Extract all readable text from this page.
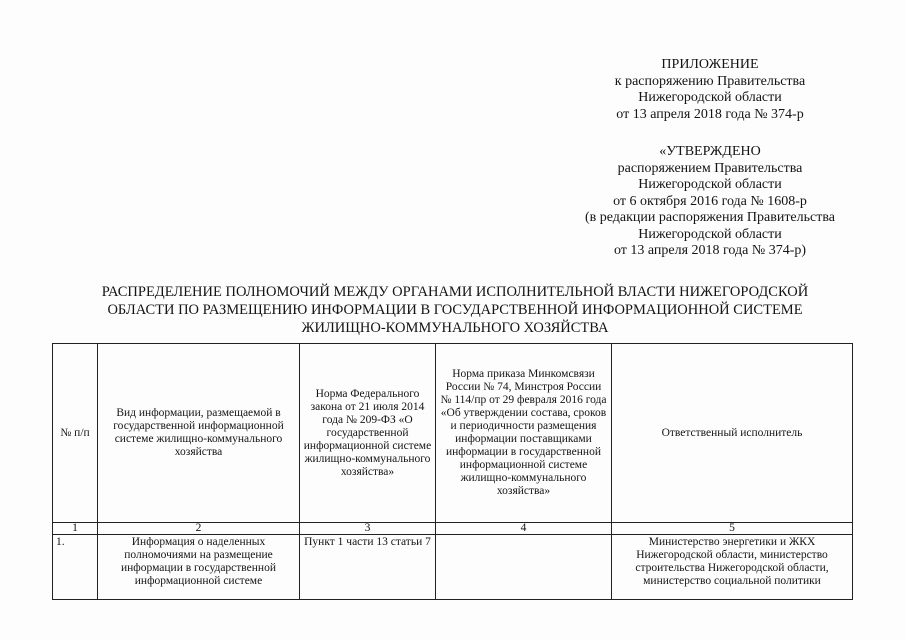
ПРИЛОЖЕНИЕ
к распоряжению Правительства
Нижегородской области
от 13 апреля 2018 года № 374-р
«УТВЕРЖДЕНО
распоряжением Правительства
Нижегородской области
от 6 октября 2016 года № 1608-р
(в редакции распоряжения Правительства
Нижегородской области
от 13 апреля 2018 года № 374-р)
РАСПРЕДЕЛЕНИЕ ПОЛНОМОЧИЙ МЕЖДУ ОРГАНАМИ ИСПОЛНИТЕЛЬНОЙ ВЛАСТИ НИЖЕГОРОДСКОЙ
ОБЛАСТИ ПО РАЗМЕЩЕНИЮ ИНФОРМАЦИИ В ГОСУДАРСТВЕННОЙ ИНФОРМАЦИОННОЙ СИСТЕМЕ
ЖИЛИЩНО-КОММУНАЛЬНОГО ХОЗЯЙСТВА
№ п/п	Вид информации, размещаемой в государственной информационной системе жилищно-коммунального хозяйства	Норма Федерального закона от 21 июля 2014 года № 209-ФЗ «О государственной информационной системе жилищно-коммунального хозяйства»	Норма приказа Минкомсвязи России № 74, Минстроя России № 114/пр от 29 февраля 2016 года «Об утверждении состава, сроков и периодичности размещения информации поставщиками информации в государственной информационной системе жилищно-коммунального хозяйства»	Ответственный исполнитель
1	2	3	4	5
1.	Информация о наделенных полномочиями на размещение информации в государственной информационной системе	Пункт 1 части 13 статьи 7		Министерство энергетики и ЖКХ Нижегородской области, министерство строительства Нижегородской области, министерство социальной политики
